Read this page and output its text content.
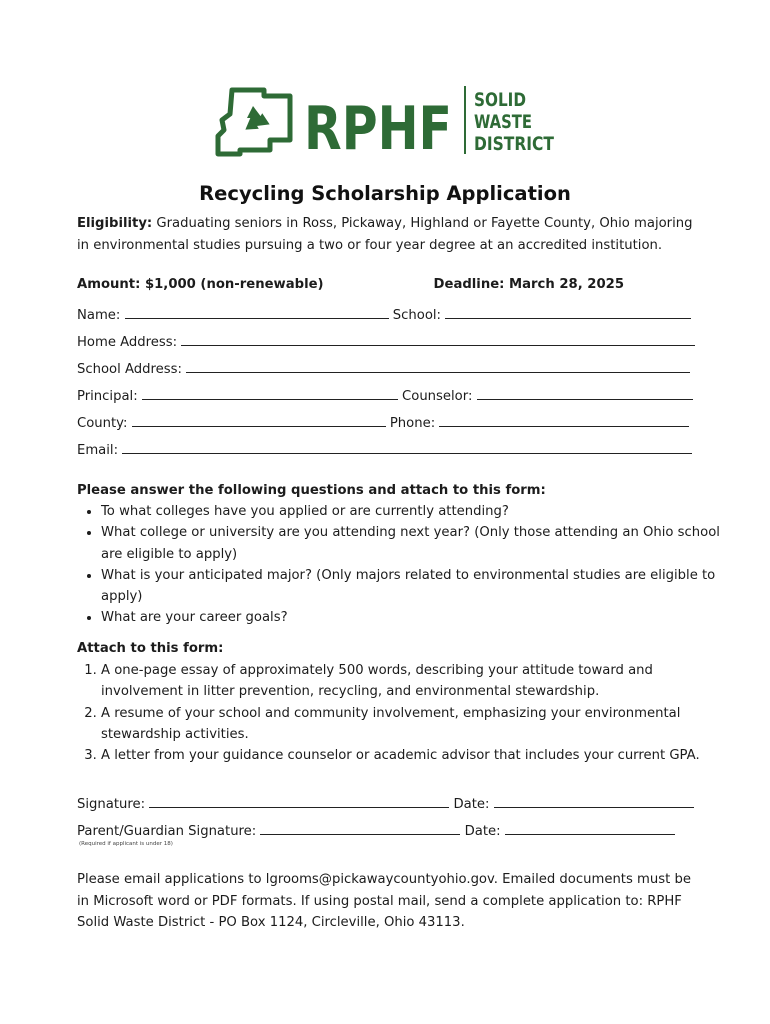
RPHF SOLID
WASTE
DISTRICT
Recycling Scholarship Application
Eligibility: Graduating seniors in Ross, Pickaway, Highland or Fayette County, Ohio majoring in environmental studies pursuing a two or four year degree at an accredited institution.
Amount: $1,000 (non-renewable)	Deadline: March 28, 2025
Name:	School:
Home Address:
School Address:
Principal:	Counselor:
County:	Phone:
Email:
Please answer the following questions and attach to this form:
• To what colleges have you applied or are currently attending?
• What college or university are you attending next year? (Only those attending an Ohio school are eligible to apply)
• What is your anticipated major? (Only majors related to environmental studies are eligible to apply)
• What are your career goals?
Attach to this form:
1. A one-page essay of approximately 500 words, describing your attitude toward and involvement in litter prevention, recycling, and environmental stewardship.
2. A resume of your school and community involvement, emphasizing your environmental stewardship activities.
3. A letter from your guidance counselor or academic advisor that includes your current GPA.
Signature:	Date:
Parent/Guardian Signature:	Date:
(Required if applicant is under 18)
Please email applications to lgrooms@pickawaycountyohio.gov. Emailed documents must be in Microsoft word or PDF formats. If using postal mail, send a complete application to: RPHF Solid Waste District - PO Box 1124, Circleville, Ohio 43113.
